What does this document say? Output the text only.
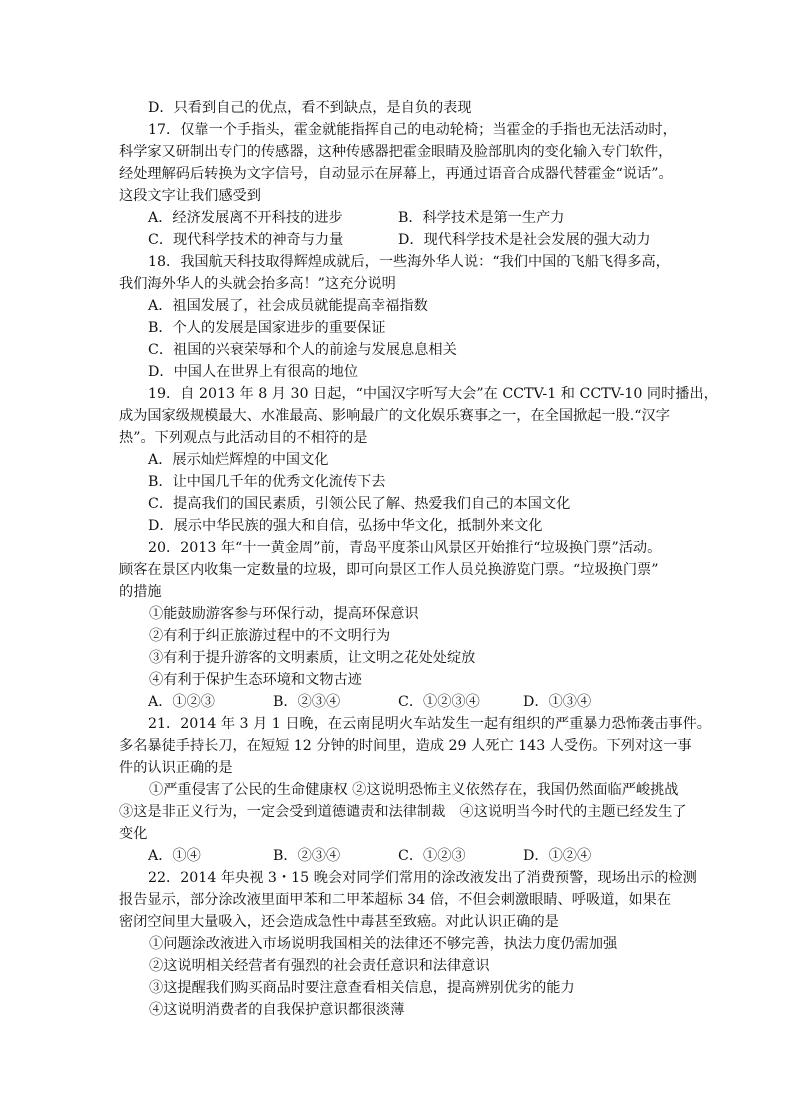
D．只看到自己的优点，看不到缺点，是自负的表现
17．仅靠一个手指头，霍金就能指挥自己的电动轮椅；当霍金的手指也无法活动时，
科学家又研制出专门的传感器，这种传感器把霍金眼睛及脸部肌肉的变化输入专门软件，
经处理解码后转换为文字信号，自动显示在屏幕上，再通过语音合成器代替霍金“说话”。
这段文字让我们感受到
A．经济发展离不开科技的进步	B．科学技术是第一生产力
C．现代科学技术的神奇与力量	D．现代科学技术是社会发展的强大动力
18．我国航天科技取得辉煌成就后，一些海外华人说：“我们中国的飞船飞得多高，
我们海外华人的头就会抬多高！”这充分说明
A．祖国发展了，社会成员就能提高幸福指数
B．个人的发展是国家进步的重要保证
C．祖国的兴衰荣辱和个人的前途与发展息息相关
D．中国人在世界上有很高的地位
19．自 2013 年 8 月 30 日起，“中国汉字听写大会”在 CCTV-1 和 CCTV-10 同时播出，
成为国家级规模最大、水准最高、影响最广的文化娱乐赛事之一，在全国掀起一股.“汉字
热”。下列观点与此活动目的不相符的是
A．展示灿烂辉煌的中国文化
B．让中国几千年的优秀文化流传下去
C．提高我们的国民素质，引领公民了解、热爱我们自己的本国文化
D．展示中华民族的强大和自信，弘扬中华文化，抵制外来文化
20．2013 年“十一黄金周”前，青岛平度茶山风景区开始推行“垃圾换门票”活动。
顾客在景区内收集一定数量的垃圾，即可向景区工作人员兑换游览门票。“垃圾换门票”
的措施
①能鼓励游客参与环保行动，提高环保意识
②有利于纠正旅游过程中的不文明行为
③有利于提升游客的文明素质，让文明之花处处绽放
④有利于保护生态环境和文物古迹
A．①②③	B．②③④	C．①②③④	D．①③④
21．2014 年 3 月 1 日晚，在云南昆明火车站发生一起有组织的严重暴力恐怖袭击事件。
多名暴徒手持长刀，在短短 12 分钟的时间里，造成 29 人死亡 143 人受伤。下列对这一事
件的认识正确的是
①严重侵害了公民的生命健康权 ②这说明恐怖主义依然存在，我国仍然面临严峻挑战
③这是非正义行为，一定会受到道德谴责和法律制裁　④这说明当今时代的主题已经发生了
变化
A．①④	B．②③④	C．①②③	D．①②④
22．2014 年央视 3・15 晚会对同学们常用的涂改液发出了消费预警，现场出示的检测
报告显示，部分涂改液里面甲苯和二甲苯超标 34 倍，不但会刺激眼睛、呼吸道，如果在
密闭空间里大量吸入，还会造成急性中毒甚至致癌。对此认识正确的是
①问题涂改液进入市场说明我国相关的法律还不够完善，执法力度仍需加强
②这说明相关经营者有强烈的社会责任意识和法律意识
③这提醒我们购买商品时要注意查看相关信息，提高辨别优劣的能力
④这说明消费者的自我保护意识都很淡薄
